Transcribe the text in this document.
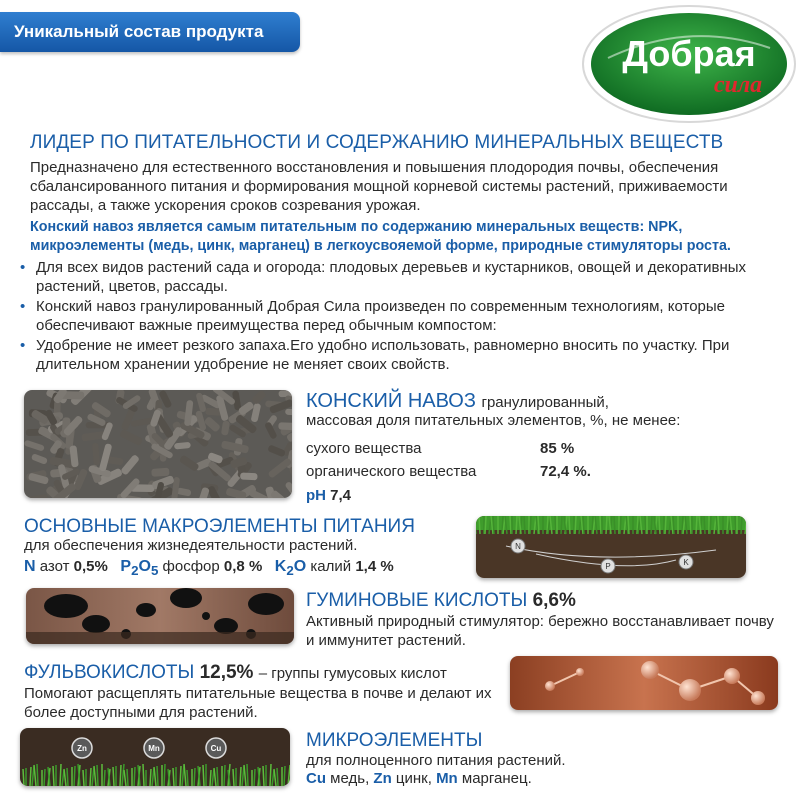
Уникальный состав продукта
Добрая
сила
ЛИДЕР ПО ПИТАТЕЛЬНОСТИ И СОДЕРЖАНИЮ МИНЕРАЛЬНЫХ ВЕЩЕСТВ
Предназначено для естественного восстановления и повышения плодородия почвы, обеспечения сбалансированного питания и формирования мощной корневой системы растений, приживаемости рассады, а также ускорения сроков созревания урожая.
Конский навоз является самым питательным по содержанию минеральных веществ: NPK, микроэлементы (медь, цинк, марганец) в легкоусвояемой форме, природные стимуляторы роста.
• Для всех видов растений сада и огорода: плодовых деревьев и кустарников, овощей и декоративных растений, цветов, рассады.
• Конский навоз гранулированный Добрая Сила произведен по современным технологиям, которые обеспечивают важные преимущества перед обычным компостом:
• Удобрение не имеет резкого запаха.Его удобно использовать, равномерно вносить по участку. При длительном хранении удобрение не меняет своих свойств.
КОНСКИЙ НАВОЗ гранулированный,
массовая доля питательных элементов, %, не менее:
сухого вещества	85 %
органического вещества	72,4 %.
pH 7,4
ОСНОВНЫЕ МАКРОЭЛЕМЕНТЫ ПИТАНИЯ
для обеспечения жизнедеятельности растений.
N азот 0,5% $P_2O_5$ фосфор 0,8 % $K_2O$ калий 1,4 %
N
P	K
ГУМИНОВЫЕ КИСЛОТЫ 6,6%
Активный природный стимулятор: бережно восстанавливает почву и иммунитет растений.
ФУЛЬВОКИСЛОТЫ 12,5% – группы гумусовых кислот
Помогают расщеплять питательные вещества в почве и делают их более доступными для растений.
Zn	Mn	Cu	МИКРОЭЛЕМЕНТЫ
для полноценного питания растений.
Cu медь, Zn цинк, Mn марганец.
